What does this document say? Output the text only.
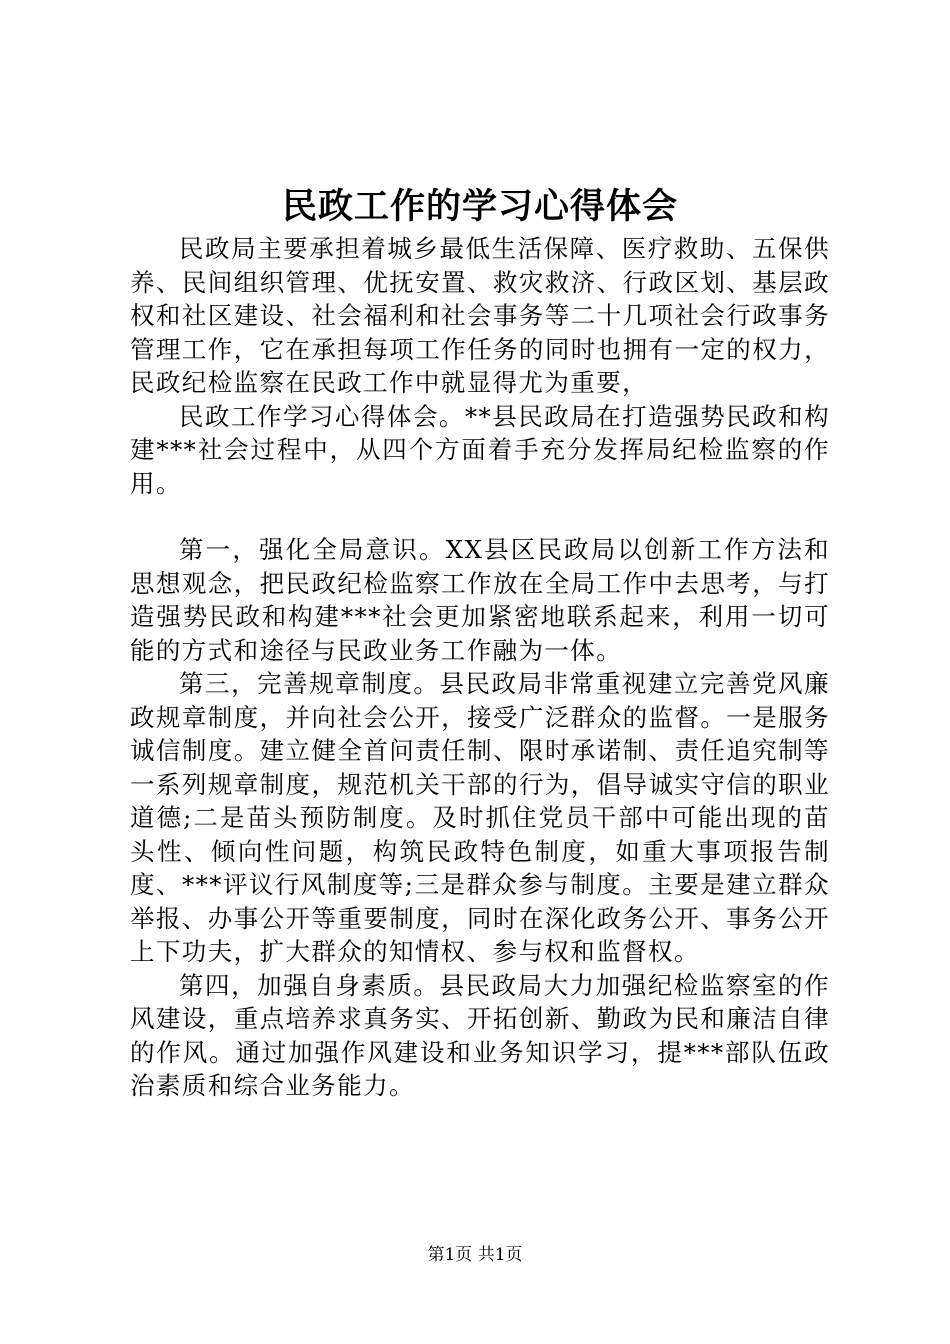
民政工作的学习心得体会

民政局主要承担着城乡最低生活保障、医疗救助、五保供养、民间组织管理、优抚安置、救灾救济、行政区划、基层政权和社区建设、社会福利和社会事务等二十几项社会行政事务管理工作，它在承担每项工作任务的同时也拥有一定的权力，民政纪检监察在民政工作中就显得尤为重要，

民政工作学习心得体会。**县民政局在打造强势民政和构建***社会过程中，从四个方面着手充分发挥局纪检监察的作用。

第一，强化全局意识。XX县区民政局以创新工作方法和思想观念，把民政纪检监察工作放在全局工作中去思考，与打造强势民政和构建***社会更加紧密地联系起来，利用一切可能的方式和途径与民政业务工作融为一体。

第三，完善规章制度。县民政局非常重视建立完善党风廉政规章制度，并向社会公开，接受广泛群众的监督。一是服务诚信制度。建立健全首问责任制、限时承诺制、责任追究制等一系列规章制度，规范机关干部的行为，倡导诚实守信的职业道德;二是苗头预防制度。及时抓住党员干部中可能出现的苗头性、倾向性问题，构筑民政特色制度，如重大事项报告制度、***评议行风制度等;三是群众参与制度。主要是建立群众举报、办事公开等重要制度，同时在深化政务公开、事务公开上下功夫，扩大群众的知情权、参与权和监督权。

第四，加强自身素质。县民政局大力加强纪检监察室的作风建设，重点培养求真务实、开拓创新、勤政为民和廉洁自律的作风。通过加强作风建设和业务知识学习，提***部队伍政治素质和综合业务能力。

第1页 共1页
